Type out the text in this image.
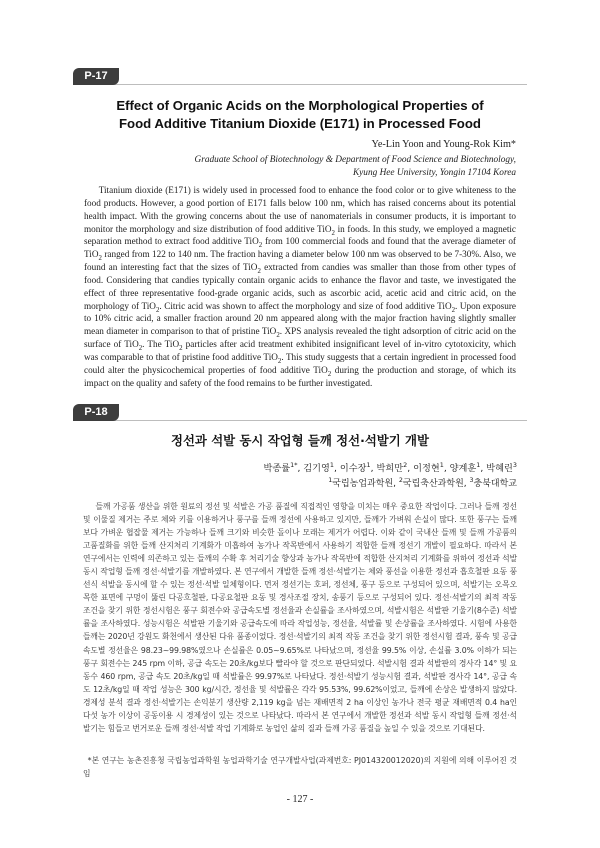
P-17
Effect of Organic Acids on the Morphological Properties of
Food Additive Titanium Dioxide (E171) in Processed Food
Ye-Lin Yoon and Young-Rok Kim*
Graduate School of Biotechnology & Department of Food Science and Biotechnology,
Kyung Hee University, Yongin 17104 Korea
Titanium dioxide (E171) is widely used in processed food to enhance the food color or to give whiteness to the food products. However, a good portion of E171 falls below 100 nm, which has raised concerns about its potential health impact. With the growing concerns about the use of nanomaterials in consumer products, it is important to monitor the morphology and size distribution of food additive TiO$_2$ in foods. In this study, we employed a magnetic separation method to extract food additive TiO$_2$ from 100 commercial foods and found that the average diameter of TiO$_2$ ranged from 122 to 140 nm. The fraction having a diameter below 100 nm was observed to be 7-30%. Also, we found an interesting fact that the sizes of TiO$_2$ extracted from candies was smaller than those from other types of food. Considering that candies typically contain organic acids to enhance the flavor and taste, we investigated the effect of three representative food-grade organic acids, such as ascorbic acid, acetic acid and citric acid, on the morphology of TiO$_2$. Citric acid was shown to affect the morphology and size of food additive TiO$_2$. Upon exposure to 10% citric acid, a smaller fraction around 20 nm appeared along with the major fraction having slightly smaller mean diameter in comparison to that of pristine TiO$_2$. XPS analysis revealed the tight adsorption of citric acid on the surface of TiO$_2$. The TiO$_2$ particles after acid treatment exhibited insignificant level of in-vitro cytotoxicity, which was comparable to that of pristine food additive TiO$_2$. This study suggests that a certain ingredient in processed food could alter the physicochemical properties of food additive TiO$_2$ during the production and storage, of which its impact on the quality and safety of the food remains to be further investigated.
P-18
정선과 석발 동시 작업형 들깨 정선·석발기 개발
박종률$^{1*}$, 김기영$^1$, 이수장$^1$, 박희만$^2$, 이정현$^1$, 양계훈$^1$, 박혜린$^3$
$^1$국립농업과학원, $^2$국립축산과학원, $^3$충북대학교
들깨 가공품 생산을 위한 원료의 정선 및 석발은 가공 품질에 직접적인 영향을 미치는 매우 중요한 작업이다. 그러나 들깨 정선 및 이물질 제거는 주로 체와 키를 이용하거나 풍구를 들깨 정선에 사용하고 있지만, 들깨가 가벼워 손실이 많다. 또한 풍구는 들깨보다 가벼운 협잡물 제거는 가능하나 들깨 크기와 비슷한 돌이나 모래는 제거가 어렵다. 이와 같이 국내산 들깨 및 들깨 가공품의 고품질화를 위한 들깨 산지처리 기계화가 미흡하여 농가나 작목반에서 사용하기 적합한 들깨 정선기 개발이 필요하다. 따라서 본 연구에서는 인력에 의존하고 있는 들깨의 수확 후 처리기술 향상과 농가나 작목반에 적합한 산지처리 기계화를 위하여 정선과 석발 동시 작업형 들깨 정선·석발기를 개발하였다. 본 연구에서 개발한 들깨 정선·석발기는 체와 풍선을 이용한 정선과 흡흐철판 요동 풍선식 석발을 동시에 할 수 있는 정선·석발 일체형이다. 먼저 정선기는 호퍼, 정선체, 풍구 등으로 구성되어 있으며, 석발기는 오목오목한 표면에 구멍이 뚫린 다공흐철판, 다공요철판 요동 및 경사조절 장치, 송풍기 등으로 구성되어 있다. 정선·석발기의 최적 작동 조건을 찾기 위한 정선시험은 풍구 회전수와 공급속도별 정선율과 손실률을 조사하였으며, 석발시험은 석발판 기울기(8수준) 석발률을 조사하였다. 성능시험은 석발판 기울기와 공급속도에 따라 작업성능, 정선율, 석발률 및 손상률을 조사하였다. 시험에 사용한 들깨는 2020년 강원도 화천에서 생산된 다유 품종이었다. 정선·석발기의 최적 작동 조건을 찾기 위한 정선시험 결과, 풍속 및 공급 속도별 정선율은 98.23~99.98%였으나 손실률은 0.05~9.65%로 나타났으며, 정선율 99.5% 이상, 손실률 3.0% 이하가 되는 풍구 회전수는 245 rpm 이하, 공급 속도는 20초/kg보다 빨라야 할 것으로 판단되었다. 석발시험 결과 석발판의 경사각 14° 및 요동수 460 rpm, 공급 속도 20초/kg일 때 석발률은 99.97%로 나타났다. 정선·석발기 성능시험 결과, 석발판 경사각 14°, 공급 속도 12초/kg일 때 작업 성능은 300 kg/시간, 정선율 및 석발률은 각각 95.53%, 99.62%이었고, 들깨에 손상은 발생하지 않았다. 경제성 분석 결과 정선·석발기는 손익분기 생산량 2,119 kg을 넘는 재배면적 2 ha 이상인 농가나 전국 평균 재배면적 0.4 ha인 다섯 농가 이상이 공동이용 시 경제성이 있는 것으로 나타났다. 따라서 본 연구에서 개발한 정선과 석발 동시 작업형 들깨 정선·석발기는 힘들고 번거로운 들깨 정선·석발 작업 기계화로 농업인 삶의 질과 들깨 가공 품질을 높일 수 있을 것으로 기대된다.
*본 연구는 농촌진흥청 국립농업과학원 농업과학기술 연구개발사업(과제번호: PJ014320012020)의 지원에 의해 이루어진 것임
- 127 -
